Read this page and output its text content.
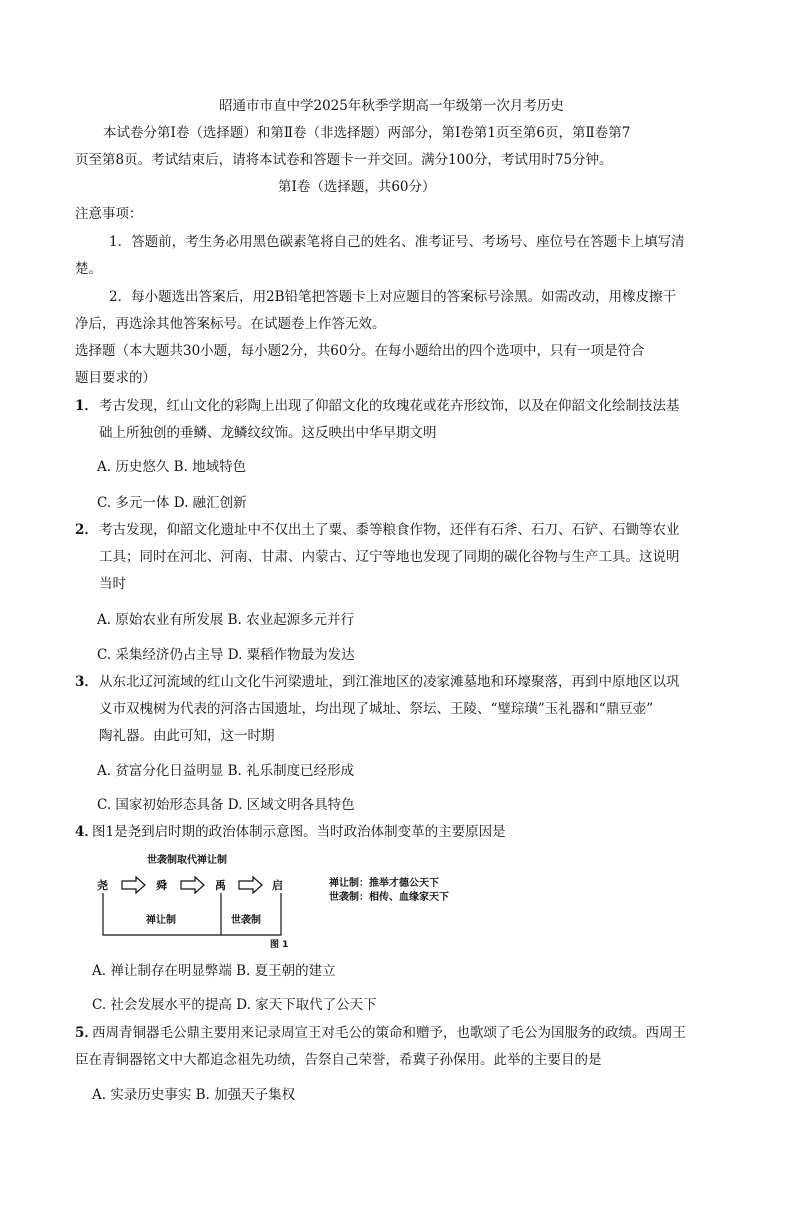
昭通市市直中学2025年秋季学期高一年级第一次月考历史
本试卷分第Ⅰ卷（选择题）和第Ⅱ卷（非选择题）两部分，第Ⅰ卷第1页至第6页，第Ⅱ卷第7
页至第8页。考试结束后，请将本试卷和答题卡一并交回。满分100分，考试用时75分钟。
第Ⅰ卷（选择题，共60分）
注意事项：
1．答题前，考生务必用黑色碳素笔将自己的姓名、准考证号、考场号、座位号在答题卡上填写清
楚。
2．每小题选出答案后，用2B铅笔把答题卡上对应题目的答案标号涂黑。如需改动，用橡皮擦干
净后，再选涂其他答案标号。在试题卷上作答无效。
选择题（本大题共30小题，每小题2分，共60分。在每小题给出的四个选项中，只有一项是符合
题目要求的）
1． 考古发现，红山文化的彩陶上出现了仰韶文化的玫瑰花或花卉形纹饰，以及在仰韶文化绘制技法基
础上所独创的垂鳞、龙鳞纹纹饰。这反映出中华早期文明
A. 历史悠久 B. 地域特色
C. 多元一体 D. 融汇创新
2． 考古发现，仰韶文化遗址中不仅出土了粟、黍等粮食作物，还伴有石斧、石刀、石铲、石锄等农业
工具；同时在河北、河南、甘肃、内蒙古、辽宁等地也发现了同期的碳化谷物与生产工具。这说明
当时
A. 原始农业有所发展 B. 农业起源多元并行
C. 采集经济仍占主导 D. 粟稻作物最为发达
3． 从东北辽河流域的红山文化牛河梁遗址，到江淮地区的凌家滩墓地和环壕聚落，再到中原地区以巩
义市双槐树为代表的河洛古国遗址，均出现了城址、祭坛、王陵、“璧琮璜”玉礼器和“鼎豆壶”
陶礼器。由此可知，这一时期
A. 贫富分化日益明显 B. 礼乐制度已经形成
C. 国家初始形态具备 D. 区域文明各具特色
4．
图1是尧到启时期的政治体制示意图。当时政治体制变革的主要原因是
世袭制取代禅让制
尧	舜	禹	启
禅让制	世袭制
禅让制：推举才德公天下
世袭制：相传、血缘家天下
图 1
A. 禅让制存在明显弊端 B. 夏王朝的建立
C. 社会发展水平的提高 D. 家天下取代了公天下
5．
西周青铜器毛公鼎主要用来记录周宣王对毛公的策命和赠予，也歌颂了毛公为国服务的政绩。西周王
臣在青铜器铭文中大都追念祖先功绩，告祭自己荣誉，希冀子孙保用。此举的主要目的是
A. 实录历史事实 B. 加强天子集权
